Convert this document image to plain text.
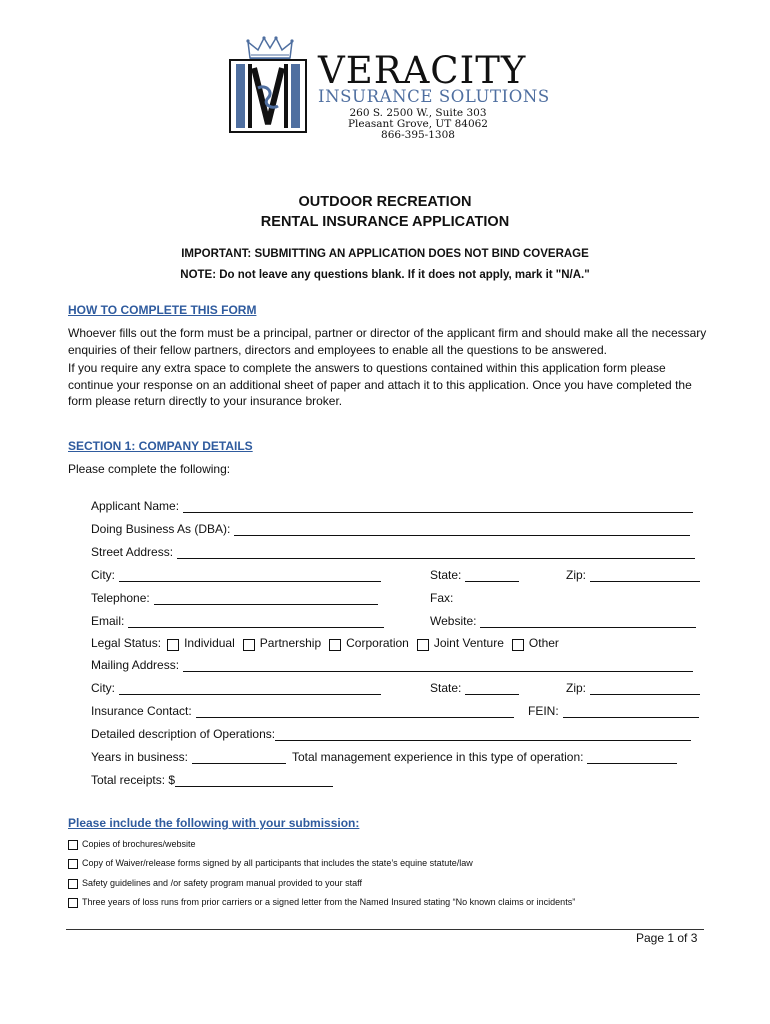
VERACITY
INSURANCE SOLUTIONS
260 S. 2500 W., Suite 303
Pleasant Grove, UT 84062
866-395-1308
OUTDOOR RECREATION
RENTAL INSURANCE APPLICATION
IMPORTANT: SUBMITTING AN APPLICATION DOES NOT BIND COVERAGE
NOTE: Do not leave any questions blank. If it does not apply, mark it "N/A."
HOW TO COMPLETE THIS FORM
Whoever fills out the form must be a principal, partner or director of the applicant firm and should make all the necessary enquiries of their fellow partners, directors and employees to enable all the questions to be answered.
If you require any extra space to complete the answers to questions contained within this application form please continue your response on an additional sheet of paper and attach it to this application. Once you have completed the form please return directly to your insurance broker.
SECTION 1: COMPANY DETAILS
Please complete the following:
Applicant Name:
Doing Business As (DBA):
Street Address:
City:	State:	Zip:
Telephone:	Fax:
Email:	Website:
Legal Status: Individual Partnership Corporation Joint Venture Other
Mailing Address:
City:	State:	Zip:
Insurance Contact:	FEIN:
Detailed description of Operations:
Years in business:	Total management experience in this type of operation:
Total receipts: $
Please include the following with your submission:
Copies of brochures/website
Copy of Waiver/release forms signed by all participants that includes the state’s equine statute/law
Safety guidelines and /or safety program manual provided to your staff
Three years of loss runs from prior carriers or a signed letter from the Named Insured stating “No known claims or incidents”
Page 1 of 3
